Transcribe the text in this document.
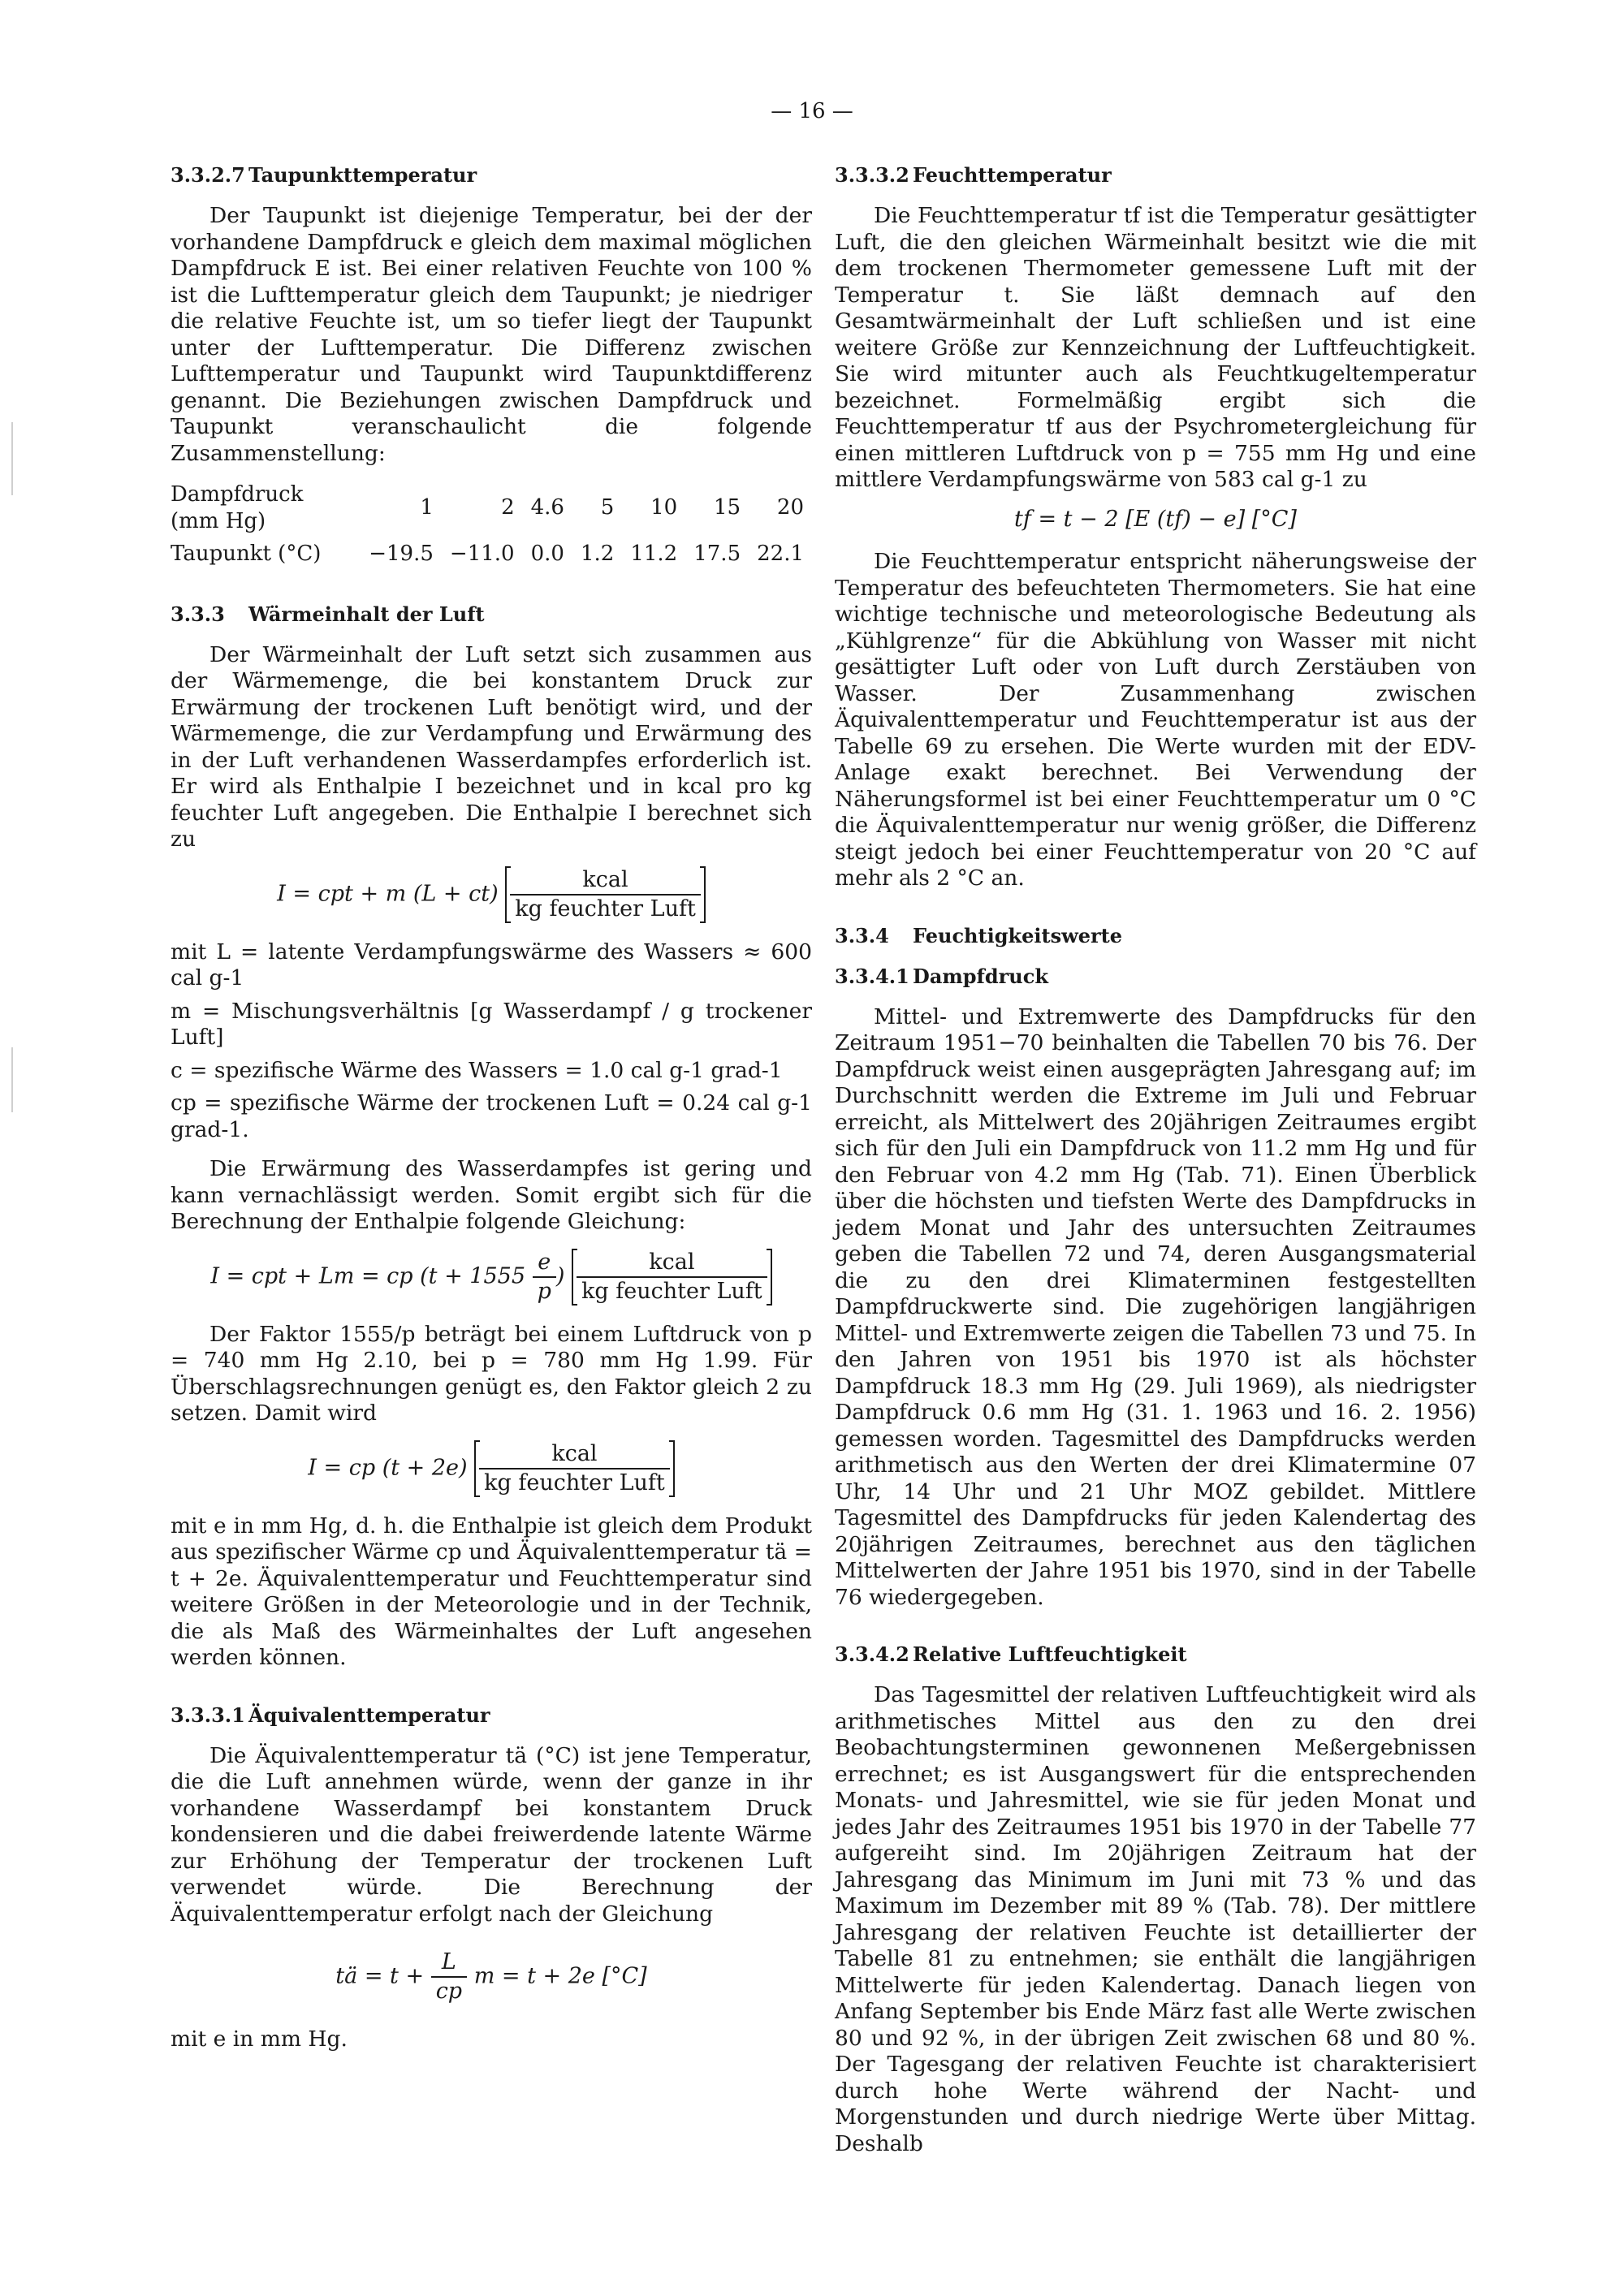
— 16 —
3.3.2.7 Taupunkttemperatur

Der Taupunkt ist diejenige Temperatur, bei der der vorhandene Dampfdruck e gleich dem maximal möglichen Dampfdruck E ist. Bei einer relativen Feuchte von 100 % ist die Lufttemperatur gleich dem Taupunkt; je niedriger die relative Feuchte ist, um so tiefer liegt der Taupunkt unter der Lufttemperatur. Die Differenz zwischen Lufttemperatur und Taupunkt wird Taupunktdifferenz genannt. Die Beziehungen zwischen Dampfdruck und Taupunkt veranschaulicht die folgende Zusammenstellung:

Dampfdruck (mm Hg)	1	2	4.6	5	10	15	20
Taupunkt (°C)	−19.5	−11.0	0.0	1.2	11.2	17.5	22.1
3.3.3 Wärmeinhalt der Luft

Der Wärmeinhalt der Luft setzt sich zusammen aus der Wärmemenge, die bei konstantem Druck zur Erwärmung der trockenen Luft benötigt wird, und der Wärmemenge, die zur Verdampfung und Erwärmung des in der Luft verhandenen Wasserdampfes erforderlich ist. Er wird als Enthalpie I bezeichnet und in kcal pro kg feuchter Luft angegeben. Die Enthalpie I berechnet sich zu

I = cpt + m $(L + ct) \frac{\text{kcal}}{\text{kg feuchter Luft}}$

mit L = latente Verdampfungswärme des Wassers ≈ 600 cal g-1

m = Mischungsverhältnis [g Wasserdampf / g trockener Luft]

c = spezifische Wärme des Wassers = 1.0 cal g-1 grad-1

cp = spezifische Wärme der trockenen Luft = 0.24 cal g-1 grad-1.

Die Erwärmung des Wasserdampfes ist gering und kann vernachlässigt werden. Somit ergibt sich für die Berechnung der Enthalpie folgende Gleichung:

I = cpt + Lm = cp ($t + 1555 \frac{e}{p}$ ) $\frac{\text{kcal}}{\text{kg feuchter Luft}}$

Der Faktor 1555/p beträgt bei einem Luftdruck von p = 740 mm Hg 2.10, bei p = 780 mm Hg 1.99. Für Überschlagsrechnungen genügt es, den Faktor gleich 2 zu setzen. Damit wird

I = cp $(t + 2e) \frac{\text{kcal}}{\text{kg feuchter Luft}}$

mit e in mm Hg, d. h. die Enthalpie ist gleich dem Produkt aus spezifischer Wärme cp und Äquivalenttemperatur tä = t + 2e. Äquivalenttemperatur und Feuchttemperatur sind weitere Größen in der Meteorologie und in der Technik, die als Maß des Wärmeinhaltes der Luft angesehen werden können.

3.3.3.1 Äquivalenttemperatur

Die Äquivalenttemperatur tä (°C) ist jene Temperatur, die die Luft annehmen würde, wenn der ganze in ihr vorhandene Wasserdampf bei konstantem Druck kondensieren und die dabei freiwerdende latente Wärme zur Erhöhung der Temperatur der trockenen Luft verwendet würde. Die Berechnung der Äquivalenttemperatur erfolgt nach der Gleichung

tä = $t + \frac{L}{cp}$ m = t + 2e [°C]

mit e in mm Hg.

3.3.3.2 Feuchttemperatur

Die Feuchttemperatur tf ist die Temperatur gesättigter Luft, die den gleichen Wärmeinhalt besitzt wie die mit dem trockenen Thermometer gemessene Luft mit der Temperatur t. Sie läßt demnach auf den Gesamtwärmeinhalt der Luft schließen und ist eine weitere Größe zur Kennzeichnung der Luftfeuchtigkeit. Sie wird mitunter auch als Feuchtkugeltemperatur bezeichnet. Formelmäßig ergibt sich die Feuchttemperatur tf aus der Psychrometergleichung für einen mittleren Luftdruck von p = 755 mm Hg und eine mittlere Verdampfungswärme von 583 cal g-1 zu

tf = t − 2 [E (tf) − e] [°C]

Die Feuchttemperatur entspricht näherungsweise der Temperatur des befeuchteten Thermometers. Sie hat eine wichtige technische und meteorologische Bedeutung als „Kühlgrenze“ für die Abkühlung von Wasser mit nicht gesättigter Luft oder von Luft durch Zerstäuben von Wasser. Der Zusammenhang zwischen Äquivalenttemperatur und Feuchttemperatur ist aus der Tabelle 69 zu ersehen. Die Werte wurden mit der EDV-Anlage exakt berechnet. Bei Verwendung der Näherungsformel ist bei einer Feuchttemperatur um 0 °C die Äquivalenttemperatur nur wenig größer, die Differenz steigt jedoch bei einer Feuchttemperatur von 20 °C auf mehr als 2 °C an.

3.3.4 Feuchtigkeitswerte
3.3.4.1 Dampfdruck

Mittel- und Extremwerte des Dampfdrucks für den Zeitraum 1951−70 beinhalten die Tabellen 70 bis 76. Der Dampfdruck weist einen ausgeprägten Jahresgang auf; im Durchschnitt werden die Extreme im Juli und Februar erreicht, als Mittelwert des 20jährigen Zeitraumes ergibt sich für den Juli ein Dampfdruck von 11.2 mm Hg und für den Februar von 4.2 mm Hg (Tab. 71). Einen Überblick über die höchsten und tiefsten Werte des Dampfdrucks in jedem Monat und Jahr des untersuchten Zeitraumes geben die Tabellen 72 und 74, deren Ausgangsmaterial die zu den drei Klimaterminen festgestellten Dampfdruckwerte sind. Die zugehörigen langjährigen Mittel- und Extremwerte zeigen die Tabellen 73 und 75. In den Jahren von 1951 bis 1970 ist als höchster Dampfdruck 18.3 mm Hg (29. Juli 1969), als niedrigster Dampfdruck 0.6 mm Hg (31. 1. 1963 und 16. 2. 1956) gemessen worden. Tagesmittel des Dampfdrucks werden arithmetisch aus den Werten der drei Klimatermine 07 Uhr, 14 Uhr und 21 Uhr MOZ gebildet. Mittlere Tagesmittel des Dampfdrucks für jeden Kalendertag des 20jährigen Zeitraumes, berechnet aus den täglichen Mittelwerten der Jahre 1951 bis 1970, sind in der Tabelle 76 wiedergegeben.

3.3.4.2 Relative Luftfeuchtigkeit

Das Tagesmittel der relativen Luftfeuchtigkeit wird als arithmetisches Mittel aus den zu den drei Beobachtungsterminen gewonnenen Meßergebnissen errechnet; es ist Ausgangswert für die entsprechenden Monats- und Jahresmittel, wie sie für jeden Monat und jedes Jahr des Zeitraumes 1951 bis 1970 in der Tabelle 77 aufgereiht sind. Im 20jährigen Zeitraum hat der Jahresgang das Minimum im Juni mit 73 % und das Maximum im Dezember mit 89 % (Tab. 78). Der mittlere Jahresgang der relativen Feuchte ist detaillierter der Tabelle 81 zu entnehmen; sie enthält die langjährigen Mittelwerte für jeden Kalendertag. Danach liegen von Anfang September bis Ende März fast alle Werte zwischen 80 und 92 %, in der übrigen Zeit zwischen 68 und 80 %. Der Tagesgang der relativen Feuchte ist charakterisiert durch hohe Werte während der Nacht- und Morgenstunden und durch niedrige Werte über Mittag. Deshalb
